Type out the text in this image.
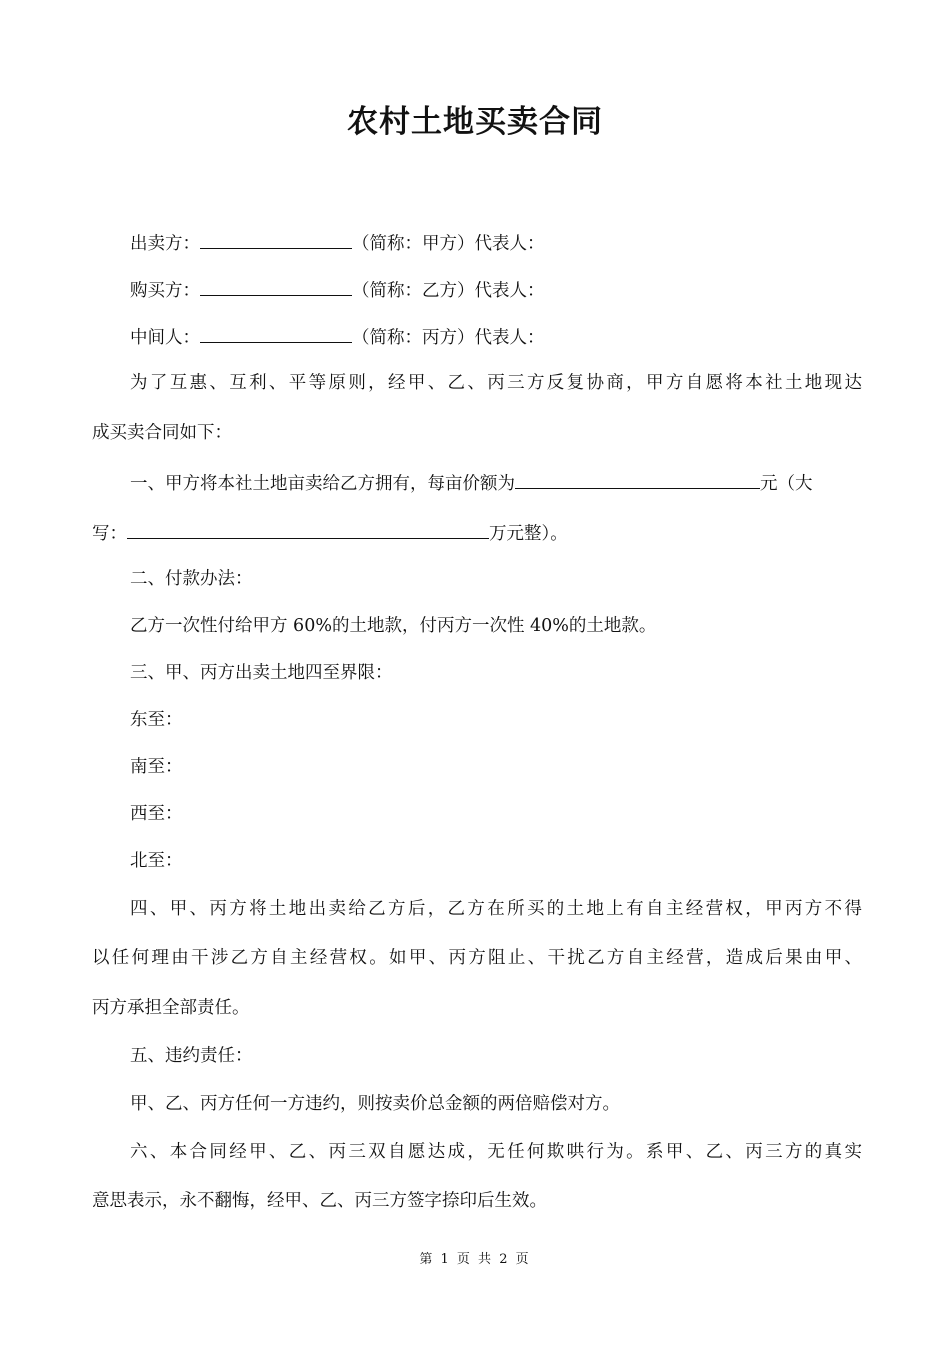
农村土地买卖合同
出卖方：	（简称：甲方）代表人：
购买方：	（简称：乙方）代表人：
中间人：	（简称：丙方）代表人：
为了互惠、互利、平等原则，经甲、乙、丙三方反复协商，甲方自愿将本社土地现达
成买卖合同如下：
一、甲方将本社土地亩卖给乙方拥有，每亩价额为	元（大
写：	万元整）。
二、付款办法：
乙方一次性付给甲方 60%的土地款，付丙方一次性 40%的土地款。
三、甲、丙方出卖土地四至界限：
东至：
南至：
西至：
北至：
四、甲、丙方将土地出卖给乙方后，乙方在所买的土地上有自主经营权，甲丙方不得
以任何理由干涉乙方自主经营权。如甲、丙方阻止、干扰乙方自主经营，造成后果由甲、
丙方承担全部责任。
五、违约责任：
甲、乙、丙方任何一方违约，则按卖价总金额的两倍赔偿对方。
六、本合同经甲、乙、丙三双自愿达成，无任何欺哄行为。系甲、乙、丙三方的真实
意思表示，永不翻悔，经甲、乙、丙三方签字捺印后生效。
第 1 页 共 2 页
